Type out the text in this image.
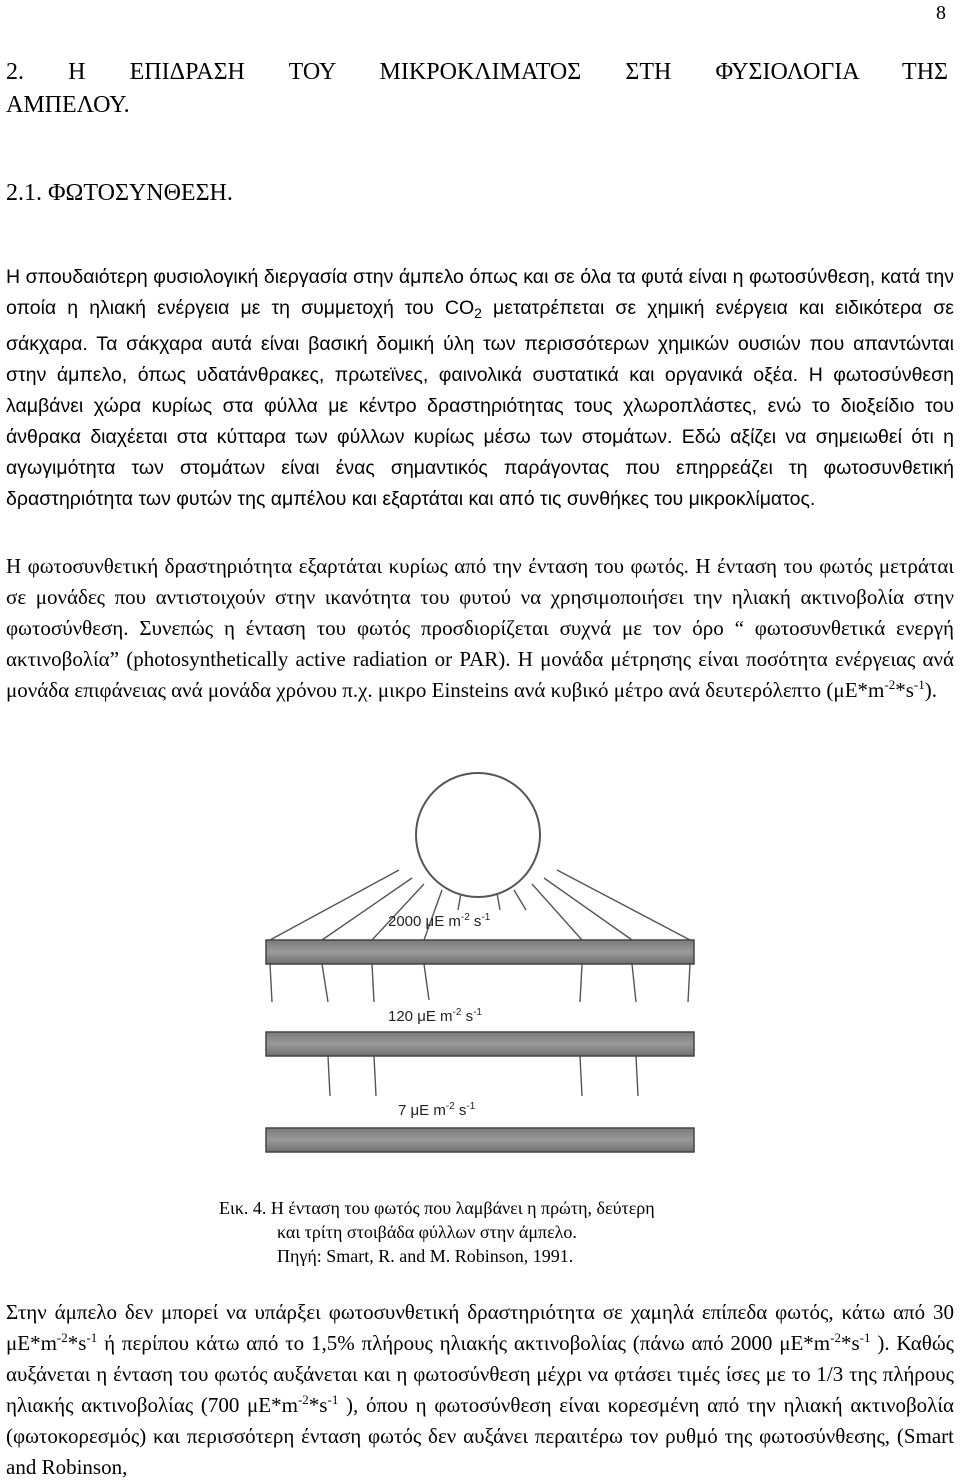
8
2. Η ΕΠΙΔΡΑΣΗ ΤΟΥ ΜΙΚΡΟΚΛΙΜΑΤΟΣ ΣΤΗ ΦΥΣΙΟΛΟΓΙΑ ΤΗΣ
ΑΜΠΕΛΟΥ.
2.1. ΦΩΤΟΣΥΝΘΕΣΗ.
Η σπουδαιότερη φυσιολογική διεργασία στην άμπελο όπως και σε όλα τα φυτά είναι η φωτοσύνθεση, κατά την οποία η ηλιακή ενέργεια με τη συμμετοχή του $CO_2$ μετατρέπεται σε χημική ενέργεια και ειδικότερα σε σάκχαρα. Τα σάκχαρα αυτά είναι βασική δομική ύλη των περισσότερων χημικών ουσιών που απαντώνται στην άμπελο, όπως υδατάνθρακες, πρωτεϊνες, φαινολικά συστατικά και οργανικά οξέα. Η φωτοσύνθεση λαμβάνει χώρα κυρίως στα φύλλα με κέντρο δραστηριότητας τους χλωροπλάστες, ενώ το διοξείδιο του άνθρακα διαχέεται στα κύτταρα των φύλλων κυρίως μέσω των στομάτων. Εδώ αξίζει να σημειωθεί ότι η αγωγιμότητα των στομάτων είναι ένας σημαντικός παράγοντας που επηρρεάζει τη φωτοσυνθετική δραστηριότητα των φυτών της αμπέλου και εξαρτάται και από τις συνθήκες του μικροκλίματος.
Η φωτοσυνθετική δραστηριότητα εξαρτάται κυρίως από την ένταση του φωτός. Η ένταση του φωτός μετράται σε μονάδες που αντιστοιχούν στην ικανότητα του φυτού να χρησιμοποιήσει την ηλιακή ακτινοβολία στην φωτοσύνθεση. Συνεπώς η ένταση του φωτός προσδιορίζεται συχνά με τον όρο “ φωτοσυνθετικά ενεργή ακτινοβολία” (photosynthetically active radiation or PAR). Η μονάδα μέτρησης είναι ποσότητα ενέργειας ανά μονάδα επιφάνειας ανά μονάδα χρόνου π.χ. μικρο Einsteins ανά κυβικό μέτρο ανά δευτερόλεπτο $(\mu E*m^{-2}*s^{-1})$.
2000 μE $m^{-2}$ $s^{-1}$
120 μE $m^{-2}$ $s^{-1}$
7 μE $m^{-2}$ $s^{-1}$
Εικ. 4. Η ένταση του φωτός που λαμβάνει η πρώτη, δεύτερη
και τρίτη στοιβάδα φύλλων στην άμπελο.
Πηγή: Smart, R. and M. Robinson, 1991.
Στην άμπελο δεν μπορεί να υπάρξει φωτοσυνθετική δραστηριότητα σε χαμηλά επίπεδα φωτός, κάτω από 30 $\mu E*m^{-2}*s^{-1}$ ή περίπου κάτω από το 1,5% πλήρους ηλιακής ακτινοβολίας (πάνω από 2000 $\mu E*m^{-2}*s^{-1}$ ). Καθώς αυξάνεται η ένταση του φωτός αυξάνεται και η φωτοσύνθεση μέχρι να φτάσει τιμές ίσες με το 1/3 της πλήρους ηλιακής ακτινοβολίας (700 $\mu E*m^{-2}*s^{-1}$ ), όπου η φωτοσύνθεση είναι κορεσμένη από την ηλιακή ακτινοβολία (φωτοκορεσμός) και περισσότερη ένταση φωτός δεν αυξάνει περαιτέρω τον ρυθμό της φωτοσύνθεσης, (Smart and Robinson,
